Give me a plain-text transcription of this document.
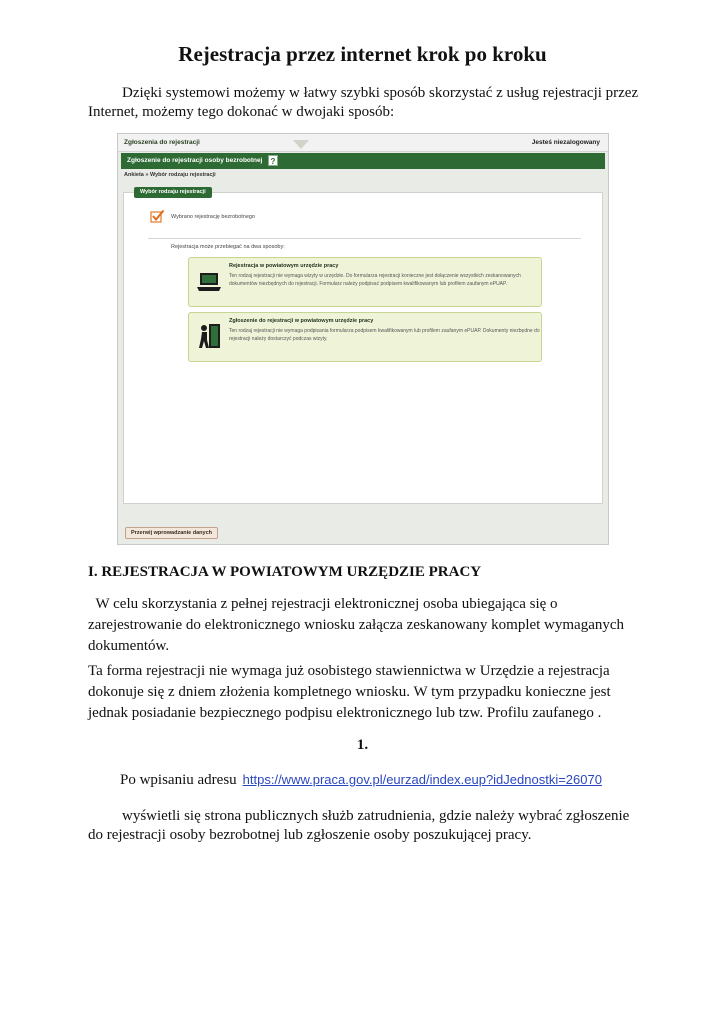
Rejestracja przez internet krok po kroku

Dzięki systemowi możemy w łatwy szybki sposób skorzystać z usług rejestracji przez Internet, możemy tego dokonać w dwojaki sposób:

Zgłoszenia do rejestracji	Jesteś niezalogowany
Zgłoszenie do rejestracji osoby bezrobotnej	?
Ankieta » Wybór rodzaju rejestracji
Wybór rodzaju rejestracji
Wybrano rejestrację bezrobotnego
Rejestracja może przebiegać na dwa sposoby:
Rejestracja w powiatowym urzędzie pracy
Ten rodzaj rejestracji nie wymaga wizyty w urzędzie. Do formularza rejestracji konieczne jest dołączenie wszystkich zeskanowanych dokumentów niezbędnych do rejestracji. Formularz należy podpisać podpisem kwalifikowanym lub profilem zaufanym ePUAP.
Zgłoszenie do rejestracji w powiatowym urzędzie pracy
Ten rodzaj rejestracji nie wymaga podpisania formularza podpisem kwalifikowanym lub profilem zaufanym ePUAP. Dokumenty niezbędne do rejestracji należy dostarczyć podczas wizyty.
Przerwij wprowadzanie danych
I. REJESTRACJA W POWIATOWYM URZĘDZIE PRACY

W celu skorzystania z pełnej rejestracji elektronicznej osoba ubiegająca się o zarejestrowanie do elektronicznego wniosku załącza zeskanowany komplet wymaganych dokumentów.

Ta forma rejestracji nie wymaga już osobistego stawiennictwa w Urzędzie a rejestracja dokonuje się z dniem złożenia kompletnego wniosku. W tym przypadku konieczne jest jednak posiadanie bezpiecznego podpisu elektronicznego lub tzw. Profilu zaufanego .

1.
Po wpisaniu adresu https://www.praca.gov.pl/eurzad/index.eup?idJednostki=26070

wyświetli się strona publicznych służb zatrudnienia, gdzie należy wybrać zgłoszenie do rejestracji osoby bezrobotnej lub zgłoszenie osoby poszukującej pracy.
